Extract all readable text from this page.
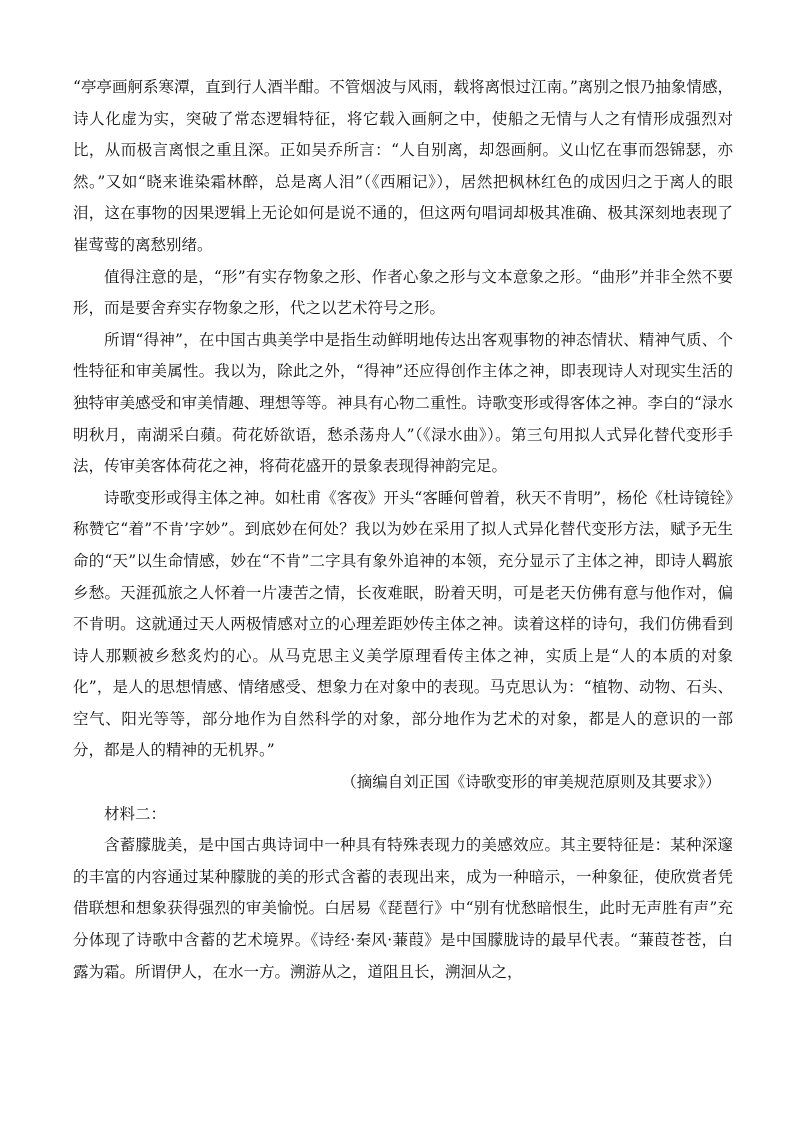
“亭亭画舸系寒潭，直到行人酒半酣。不管烟波与风雨，载将离恨过江南。”离别之恨乃抽象情感，诗人化虚为实，突破了常态逻辑特征，将它载入画舸之中，使船之无情与人之有情形成强烈对比，从而极言离恨之重且深。正如吴乔所言：“人自别离，却怨画舸。义山忆在事而怨锦瑟，亦然。”又如“晓来谁染霜林醉，总是离人泪”（《西厢记》），居然把枫林红色的成因归之于离人的眼泪，这在事物的因果逻辑上无论如何是说不通的，但这两句唱词却极其准确、极其深刻地表现了崔莺莺的离愁别绪。

值得注意的是，“形”有实存物象之形、作者心象之形与文本意象之形。“曲形”并非全然不要形，而是要舍弃实存物象之形，代之以艺术符号之形。

所谓“得神”，在中国古典美学中是指生动鲜明地传达出客观事物的神态情状、精神气质、个性特征和审美属性。我以为，除此之外，“得神”还应得创作主体之神，即表现诗人对现实生活的独特审美感受和审美情趣、理想等等。神具有心物二重性。诗歌变形或得客体之神。李白的“渌水明秋月，南湖采白蘋。荷花娇欲语，愁杀荡舟人”（《渌水曲》）。第三句用拟人式异化替代变形手法，传审美客体荷花之神，将荷花盛开的景象表现得神韵完足。

诗歌变形或得主体之神。如杜甫《客夜》开头“客睡何曾着，秋天不肯明”，杨伦《杜诗镜铨》称赞它“着”不肯’字妙”。到底妙在何处？我以为妙在采用了拟人式异化替代变形方法，赋予无生命的“天”以生命情感，妙在“不肯”二字具有象外追神的本领，充分显示了主体之神，即诗人羁旅乡愁。天涯孤旅之人怀着一片凄苦之情，长夜难眠，盼着天明，可是老天仿佛有意与他作对，偏不肯明。这就通过天人两极情感对立的心理差距妙传主体之神。读着这样的诗句，我们仿佛看到诗人那颗被乡愁炙灼的心。从马克思主义美学原理看传主体之神，实质上是“人的本质的对象化”，是人的思想情感、情绪感受、想象力在对象中的表现。马克思认为：“植物、动物、石头、空气、阳光等等，部分地作为自然科学的对象，部分地作为艺术的对象，都是人的意识的一部分，都是人的精神的无机界。”

（摘编自刘正国《诗歌变形的审美规范原则及其要求》）

材料二：

含蓄朦胧美，是中国古典诗词中一种具有特殊表现力的美感效应。其主要特征是：某种深邃的丰富的内容通过某种朦胧的美的形式含蓄的表现出来，成为一种暗示，一种象征，使欣赏者凭借联想和想象获得强烈的审美愉悦。白居易《琵琶行》中“别有忧愁暗恨生，此时无声胜有声”充分体现了诗歌中含蓄的艺术境界。《诗经·秦风·蒹葭》是中国朦胧诗的最早代表。“蒹葭苍苍，白露为霜。所谓伊人，在水一方。溯游从之，道阻且长，溯洄从之，
